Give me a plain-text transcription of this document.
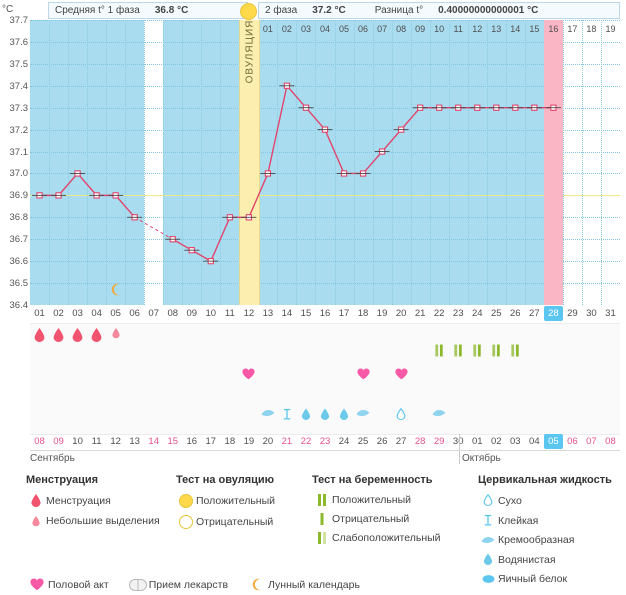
Средняя t° 1 фаза 36.8 °C	2 фаза 37.2 °C	Разница t° 0.40000000000001 °C
°C
ОВУЛЯЦИЯ
37.7
37.6
37.5
37.4
37.3
37.2
37.1
37.0
36.9
36.8
36.7
36.6
36.5
36.4
01	02	03	04	05	06	07	08	09	10	11	12	13	14	15	16	17	18	19
01 02 03 04 05 06 07 08 09 10 11 12 13 14 15 16 17 18 19 20 21 22 23 24 25 26 27 28 29 30 31
08 09 10 11 12 13 14 15 16 17 18 19 20 21 22 23 24 25 26 27 28 29 30 01 02 03 04 05 06 07 08
Сентябрь	Октябрь
Менструация
Менструация
Небольшие выделения
Тест на овуляцию
Положительный
Отрицательный
Тест на беременность
Положительный
Отрицательный
Слабоположительный
Цервикальная жидкость
Сухо
Клейкая
Кремообразная
Водянистая
Яичный белок
Половой акт	Прием лекарств	Лунный календарь
